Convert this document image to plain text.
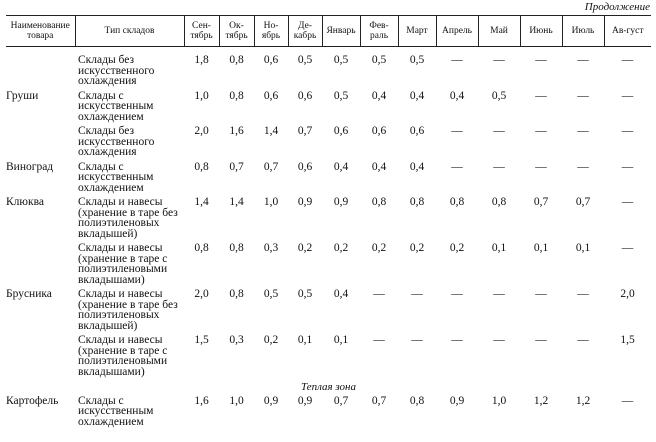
Продолжение
Наименование товара	Тип складов	Сен-тябрь	Ок-тябрь	Но-ябрь	Де-кабрь	Январь	Фев-раль	Март	Апрель	Май	Июнь	Июль	Ав-густ
	Склады без искусственного охлаждения	1,8	0,8	0,6	0,5	0,5	0,5	0,5	—	—	—	—	—
Груши	Склады с искусственным охлаждением	1,0	0,8	0,6	0,6	0,5	0,4	0,4	0,4	0,5	—	—	—
	Склады без искусственного охлаждения	2,0	1,6	1,4	0,7	0,6	0,6	0,6	—	—	—	—	—
Виноград	Склады с искусственным охлаждением	0,8	0,7	0,7	0,6	0,4	0,4	0,4	—	—	—	—	—
Клюква	Склады и навесы (хранение в таре без полиэтиленовых вкладышей)	1,4	1,4	1,0	0,9	0,9	0,8	0,8	0,8	0,8	0,7	0,7	—
	Склады и навесы (хранение в таре с полиэтиленовыми вкладышами)	0,8	0,8	0,3	0,2	0,2	0,2	0,2	0,2	0,1	0,1	0,1	—
Брусника	Склады и навесы (хранение в таре без полиэтиленовых вкладышей)	2,0	0,8	0,5	0,5	0,4	—	—	—	—	—	—	2,0
	Склады и навесы (хранение в таре с полиэтиленовыми вкладышами)	1,5	0,3	0,2	0,1	0,1	—	—	—	—	—	—	1,5
Теплая зона													
Картофель	Склады с искусственным охлаждением	1,6	1,0	0,9	0,9	0,7	0,7	0,8	0,9	1,0	1,2	1,2	—
